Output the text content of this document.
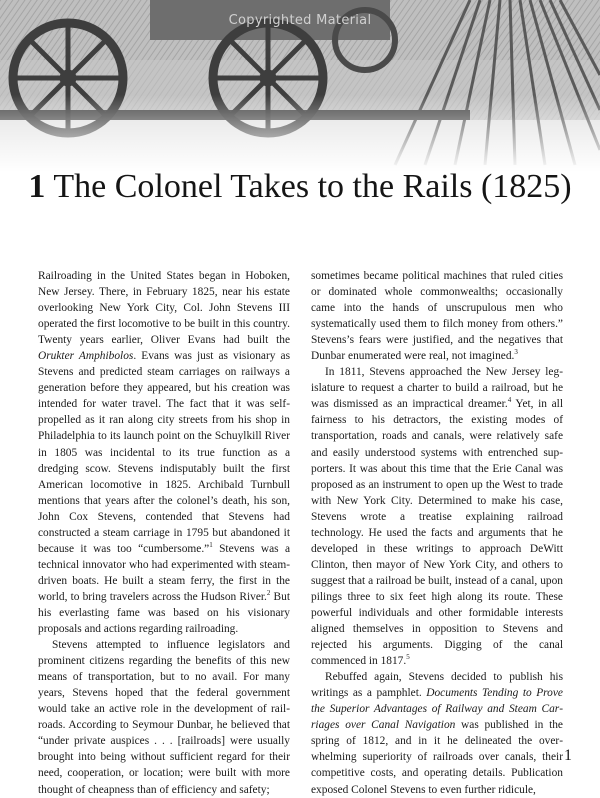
Copyrighted Material
1 The Colonel Takes to the Rails (1825)

Railroading in the United States began in Hoboken, New Jersey. There, in February 1825, near his estate overlooking New York City, Col. John Stevens III operated the first locomotive to be built in this country. Twenty years earlier, Oliver Evans had built the Orukter Amphibolos. Evans was just as visionary as Stevens and predicted steam carriages on railways a generation before they appeared, but his creation was intended for water travel. The fact that it was self-propelled as it ran along city streets from his shop in Philadelphia to its launch point on the Schuylkill River in 1805 was incidental to its true function as a dredging scow. Stevens indisputably built the first American locomotive in 1825. Archibald Turnbull mentions that years after the colonel’s death, his son, John Cox Stevens, contended that Stevens had constructed a steam carriage in 1795 but abandoned it because it was too “cumbersome.”$^1$ Stevens was a technical innovator who had experimented with steam-driven boats. He built a steam ferry, the first in the world, to bring travelers across the Hudson River.$^2$ But his everlasting fame was based on his visionary proposals and actions regarding railroading.

Stevens attempted to influence legislators and prominent citizens regarding the benefits of this new means of transportation, but to no avail. For many years, Stevens hoped that the federal government would take an active role in the development of railroads. According to Seymour Dunbar, he believed that “under private auspices . . . [railroads] were usually brought into being without sufficient regard for their need, cooperation, or location; were built with more thought of cheapness than of efficiency and safety;

sometimes became political machines that ruled cities or dominated whole commonwealths; occasionally came into the hands of unscrupulous men who systematically used them to filch money from others.” Stevens’s fears were justified, and the negatives that Dunbar enumerated were real, not imagined.$^3$

In 1811, Stevens approached the New Jersey legislature to request a charter to build a railroad, but he was dismissed as an impractical dreamer.$^4$ Yet, in all fairness to his detractors, the existing modes of transportation, roads and canals, were relatively safe and easily understood systems with entrenched supporters. It was about this time that the Erie Canal was proposed as an instrument to open up the West to trade with New York City. Determined to make his case, Stevens wrote a treatise explaining railroad technology. He used the facts and arguments that he developed in these writings to approach DeWitt Clinton, then mayor of New York City, and others to suggest that a railroad be built, instead of a canal, upon pilings three to six feet high along its route. These powerful individuals and other formidable interests aligned themselves in opposition to Stevens and rejected his arguments. Digging of the canal commenced in 1817.$^5$

Rebuffed again, Stevens decided to publish his writings as a pamphlet. Documents Tending to Prove the Superior Advantages of Railway and Steam Carriages over Canal Navigation was published in the spring of 1812, and in it he delineated the overwhelming superiority of railroads over canals, their competitive costs, and operating details. Publication exposed Colonel Stevens to even further ridicule,

1
